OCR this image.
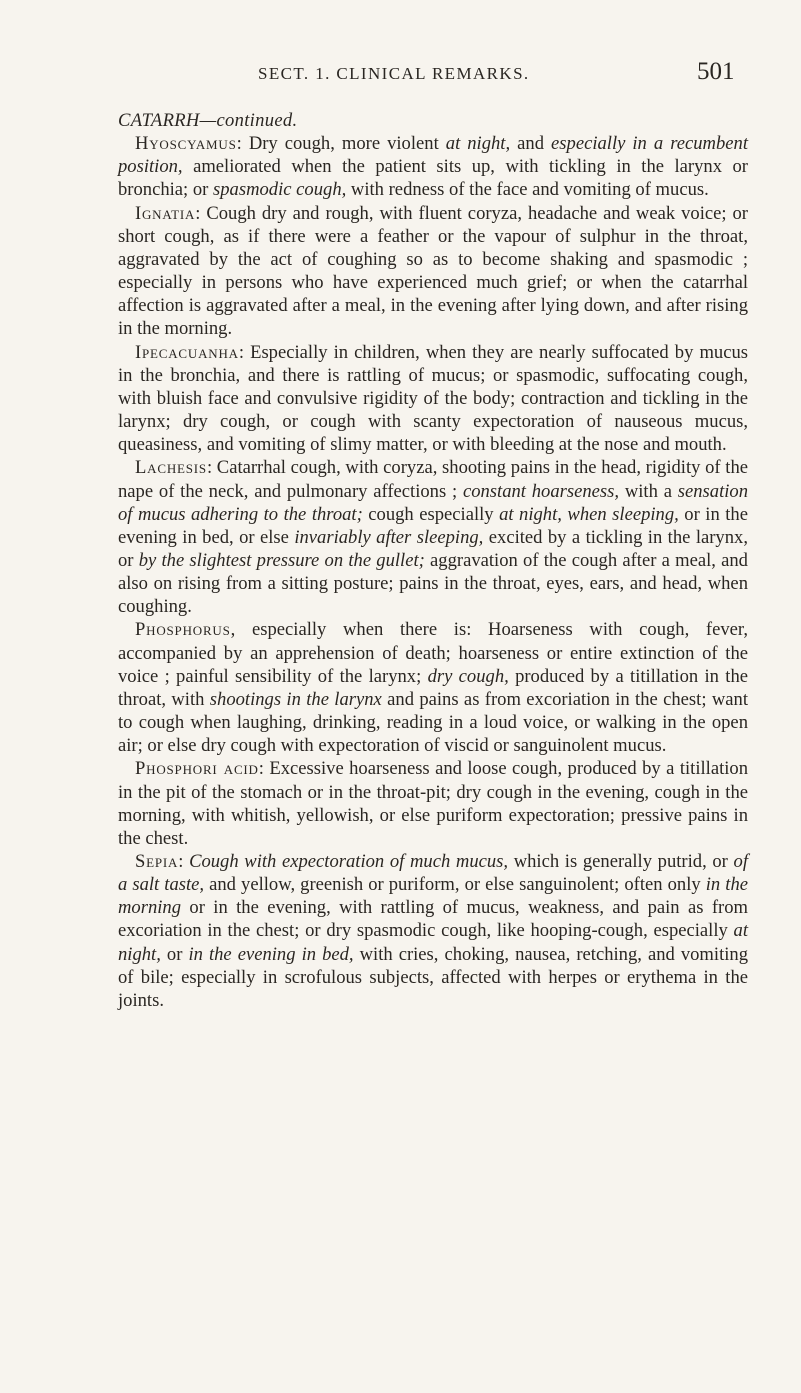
SECT. 1. CLINICAL REMARKS.	501

CATARRH—continued.

Hyoscyamus: Dry cough, more violent at night, and especially in a recumbent position, ameliorated when the patient sits up, with tickling in the larynx or bronchia; or spasmodic cough, with redness of the face and vomiting of mucus.

Ignatia: Cough dry and rough, with fluent coryza, headache and weak voice; or short cough, as if there were a feather or the vapour of sulphur in the throat, aggravated by the act of coughing so as to become shaking and spasmodic ; especially in persons who have experienced much grief; or when the catarrhal affection is aggravated after a meal, in the evening after lying down, and after rising in the morning.

Ipecacuanha: Especially in children, when they are nearly suffocated by mucus in the bronchia, and there is rattling of mucus; or spasmodic, suffocating cough, with bluish face and convulsive rigidity of the body; contraction and tickling in the larynx; dry cough, or cough with scanty expectoration of nauseous mucus, queasiness, and vomiting of slimy matter, or with bleeding at the nose and mouth.

Lachesis: Catarrhal cough, with coryza, shooting pains in the head, rigidity of the nape of the neck, and pulmonary affections ; constant hoarseness, with a sensation of mucus adhering to the throat; cough especially at night, when sleeping, or in the evening in bed, or else invariably after sleeping, excited by a tickling in the larynx, or by the slightest pressure on the gullet; aggravation of the cough after a meal, and also on rising from a sitting posture; pains in the throat, eyes, ears, and head, when coughing.

Phosphorus, especially when there is: Hoarseness with cough, fever, accompanied by an apprehension of death; hoarseness or entire extinction of the voice ; painful sensibility of the larynx; dry cough, produced by a titillation in the throat, with shootings in the larynx and pains as from excoriation in the chest; want to cough when laughing, drinking, reading in a loud voice, or walking in the open air; or else dry cough with expectoration of viscid or sanguinolent mucus.

Phosphori acid: Excessive hoarseness and loose cough, produced by a titillation in the pit of the stomach or in the throat-pit; dry cough in the evening, cough in the morning, with whitish, yellowish, or else puriform expectoration; pressive pains in the chest.

Sepia: Cough with expectoration of much mucus, which is generally putrid, or of a salt taste, and yellow, greenish or puriform, or else sanguinolent; often only in the morning or in the evening, with rattling of mucus, weakness, and pain as from excoriation in the chest; or dry spasmodic cough, like hooping-cough, especially at night, or in the evening in bed, with cries, choking, nausea, retching, and vomiting of bile; especially in scrofulous subjects, affected with herpes or erythema in the joints.
